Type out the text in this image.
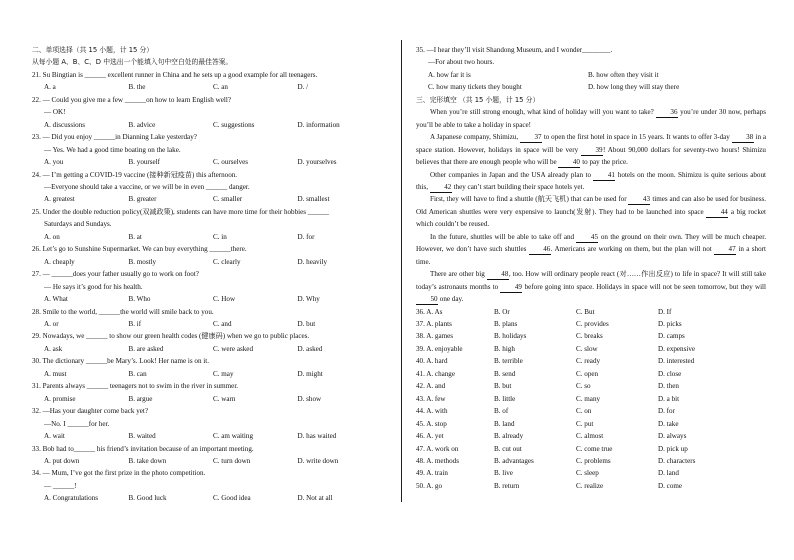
二、单项选择（共 15 小题，计 15 分）
从每小题 A、B、C、D 中选出一个能填入句中空白处的最佳答案。
21. Su Bingtian is ______ excellent runner in China and he sets up a good example for all teenagers.
A. a	B. the	C. an	D. /
22. — Could you give me a few ______on how to learn English well?
— OK!
A. discussions	B. advice	C. suggestions	D. information
23. — Did you enjoy ______in Dianning Lake yesterday?
— Yes. We had a good time boating on the lake.
A. you	B. yourself	C. ourselves	D. yourselves
24. — I’m getting a COVID-19 vaccine (接种新冠疫苗) this afternoon.
—Everyone should take a vaccine, or we will be in even ______ danger.
A. greatest	B. greater	C. smaller	D. smallest
25. Under the double reduction policy(双减政策), students can have more time for their hobbies ______
Saturdays and Sundays.
A. on	B. at	C. in	D. for
26. Let’s go to Sunshine Supermarket. We can buy everything ______there.
A. cheaply	B. mostly	C. clearly	D. heavily
27. — ______does your father usually go to work on foot?
— He says it’s good for his health.
A. What	B. Who	C. How	D. Why
28. Smile to the world, ______the world will smile back to you.
A. or	B. if	C. and	D. but
29. Nowadays, we ______ to show our green health codes (健康码) when we go to public places.
A. ask	B. are asked	C. were asked	D. asked
30. The dictionary ______be Mary’s. Look! Her name is on it.
A. must	B. can	C. may	D. might
31. Parents always ______ teenagers not to swim in the river in summer.
A. promise	B. argue	C. warn	D. show
32. —Has your daughter come back yet?
—No. I ______for her.
A. wait	B. waited	C. am waiting	D. has waited
33. Bob had to______ his friend’s invitation because of an important meeting.
A. put down	B. take down	C. turn down	D. write down
34. — Mum, I’ve got the first prize in the photo competition.
— ______!
A. Congratulations	B. Good luck	C. Good idea	D. Not at all
35. —I hear they’ll visit Shandong Museum, and I wonder________.
—For about two hours.
A. how far it is	B. how often they visit it
C. how many tickets they bought	D. how long they will stay there
三、完形填空 （共 15 小题，计 15 分）
When you’re still strong enough, what kind of holiday will you want to take? 36 you’re under 30 now, perhaps you’ll be able to take a holiday in space!
A Japanese company, Shimizu, 37 to open the first hotel in space in 15 years. It wants to offer 3-day 38 in a space station. However, holidays in space will be very 39! About 90,000 dollars for seventy-two hours! Shimizu believes that there are enough people who will be 40 to pay the price.
Other companies in Japan and the USA already plan to 41 hotels on the moon. Shimizu is quite serious about this, 42 they can’t start building their space hotels yet.
First, they will have to find a shuttle (航天飞机) that can be used for 43 times and can also be used for business. Old American shuttles were very expensive to launch(发射). They had to be launched into space 44 a big rocket which couldn’t be reused.
In the future, shuttles will be able to take off and 45 on the ground on their own. They will be much cheaper. However, we don’t have such shuttles 46. Americans are working on them, but the plan will not 47 in a short time.
There are other big 48, too. How will ordinary people react (对……作出反应) to life in space? It will still take today’s astronauts months to 49 before going into space. Holidays in space will not be seen tomorrow, but they will 50 one day.
36. A. As	B. Or	C. But	D. If
37. A. plants	B. plans	C. provides	D. picks
38. A. games	B. holidays	C. breaks	D. camps
39. A. enjoyable	B. high	C. slow	D. expensive
40. A. hard	B. terrible	C. ready	D. interested
41. A. change	B. send	C. open	D. close
42. A. and	B. but	C. so	D. then
43. A. few	B. little	C. many	D. a bit
44. A. with	B. of	C. on	D. for
45. A. stop	B. land	C. put	D. take
46. A. yet	B. already	C. almost	D. always
47. A. work on	B. cut out	C. come true	D. pick up
48. A. methods	B. advantages	C. problems	D. characters
49. A. train	B. live	C. sleep	D. land
50. A. go	B. return	C. realize	D. come
